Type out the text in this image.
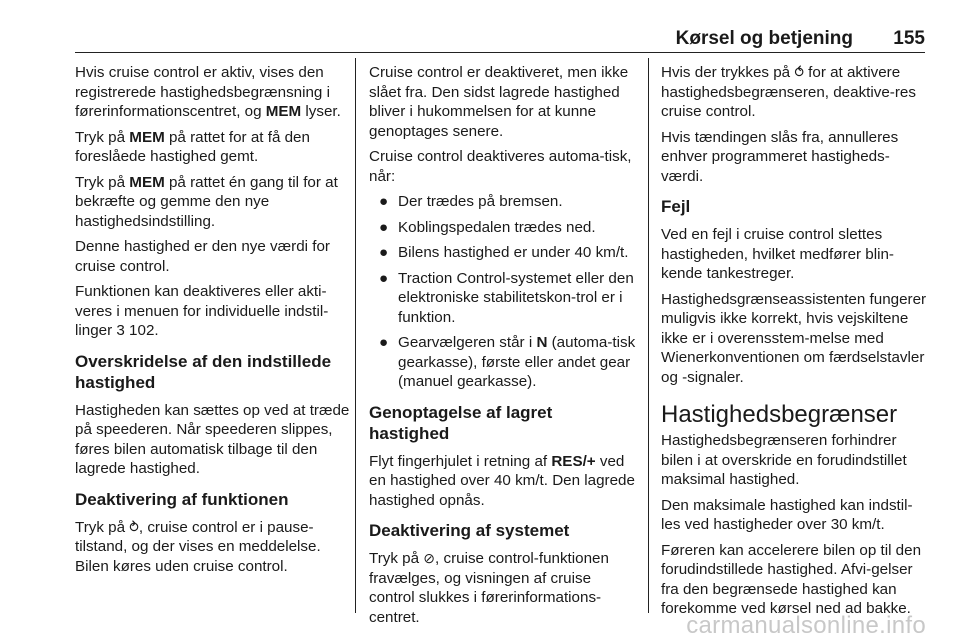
Kørsel og betjening 155

Hvis cruise control er aktiv, vises den registrerede hastighedsbegrænsning i førerinformationscentret, og MEM lyser.

Tryk på MEM på rattet for at få den foreslåede hastighed gemt.

Tryk på MEM på rattet én gang til for at bekræfte og gemme den nye hastighedsindstilling.

Denne hastighed er den nye værdi for cruise control.

Funktionen kan deaktiveres eller akti-veres i menuen for individuelle indstil-linger 3 102.

Overskridelse af den indstillede hastighed

Hastigheden kan sættes op ved at træde på speederen. Når speederen slippes, føres bilen automatisk tilbage til den lagrede hastighed.

Deaktivering af funktionen

Tryk på ⥁, cruise control er i pause-tilstand, og der vises en meddelelse. Bilen køres uden cruise control.

Cruise control er deaktiveret, men ikke slået fra. Den sidst lagrede hastighed bliver i hukommelsen for at kunne genoptages senere.

Cruise control deaktiveres automa-tisk, når:

● Der trædes på bremsen.
● Koblingspedalen trædes ned.
● Bilens hastighed er under 40 km/t.
● Traction Control-systemet eller den elektroniske stabilitetskon-trol er i funktion.
● Gearvælgeren står i N (automa-tisk gearkasse), første eller andet gear (manuel gearkasse).
Genoptagelse af lagret hastighed

Flyt fingerhjulet i retning af RES/+ ved en hastighed over 40 km/t. Den lagrede hastighed opnås.

Deaktivering af systemet

Tryk på ⊘, cruise control-funktionen fravælges, og visningen af cruise control slukkes i førerinformations-centret.

Hvis der trykkes på ⥀ for at aktivere hastighedsbegrænseren, deaktive-res cruise control.

Hvis tændingen slås fra, annulleres enhver programmeret hastigheds-værdi.

Fejl

Ved en fejl i cruise control slettes hastigheden, hvilket medfører blin-kende tankestreger.

Hastighedsgrænseassistenten fungerer muligvis ikke korrekt, hvis vejskiltene ikke er i overensstem-melse med Wienerkonventionen om færdselstavler og -signaler.

Hastighedsbegrænser

Hastighedsbegrænseren forhindrer bilen i at overskride en forudindstillet maksimal hastighed.

Den maksimale hastighed kan indstil-les ved hastigheder over 30 km/t.

Føreren kan accelerere bilen op til den forudindstillede hastighed. Afvi-gelser fra den begrænsede hastighed kan forekomme ved kørsel ned ad bakke.

carmanualsonline.info
